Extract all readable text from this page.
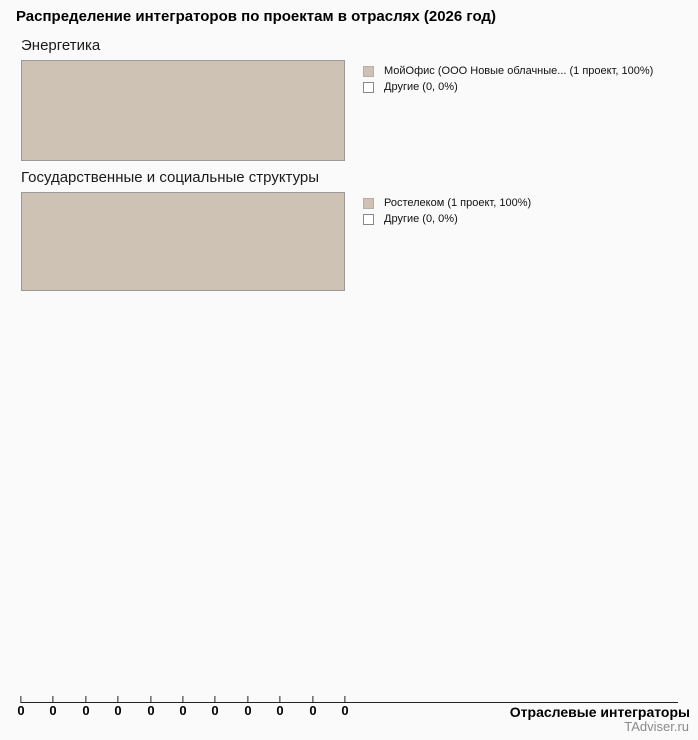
Распределение интеграторов по проектам в отраслях (2026 год)
Энергетика
МойОфис (ООО Новые облачные... (1 проект, 100%)
Другие (0, 0%)
Государственные и социальные структуры
Ростелеком (1 проект, 100%)
Другие (0, 0%)
0 0 0 0 0 0 0 0 0 0 0	Отраслевые интеграторы
TAdviser.ru
